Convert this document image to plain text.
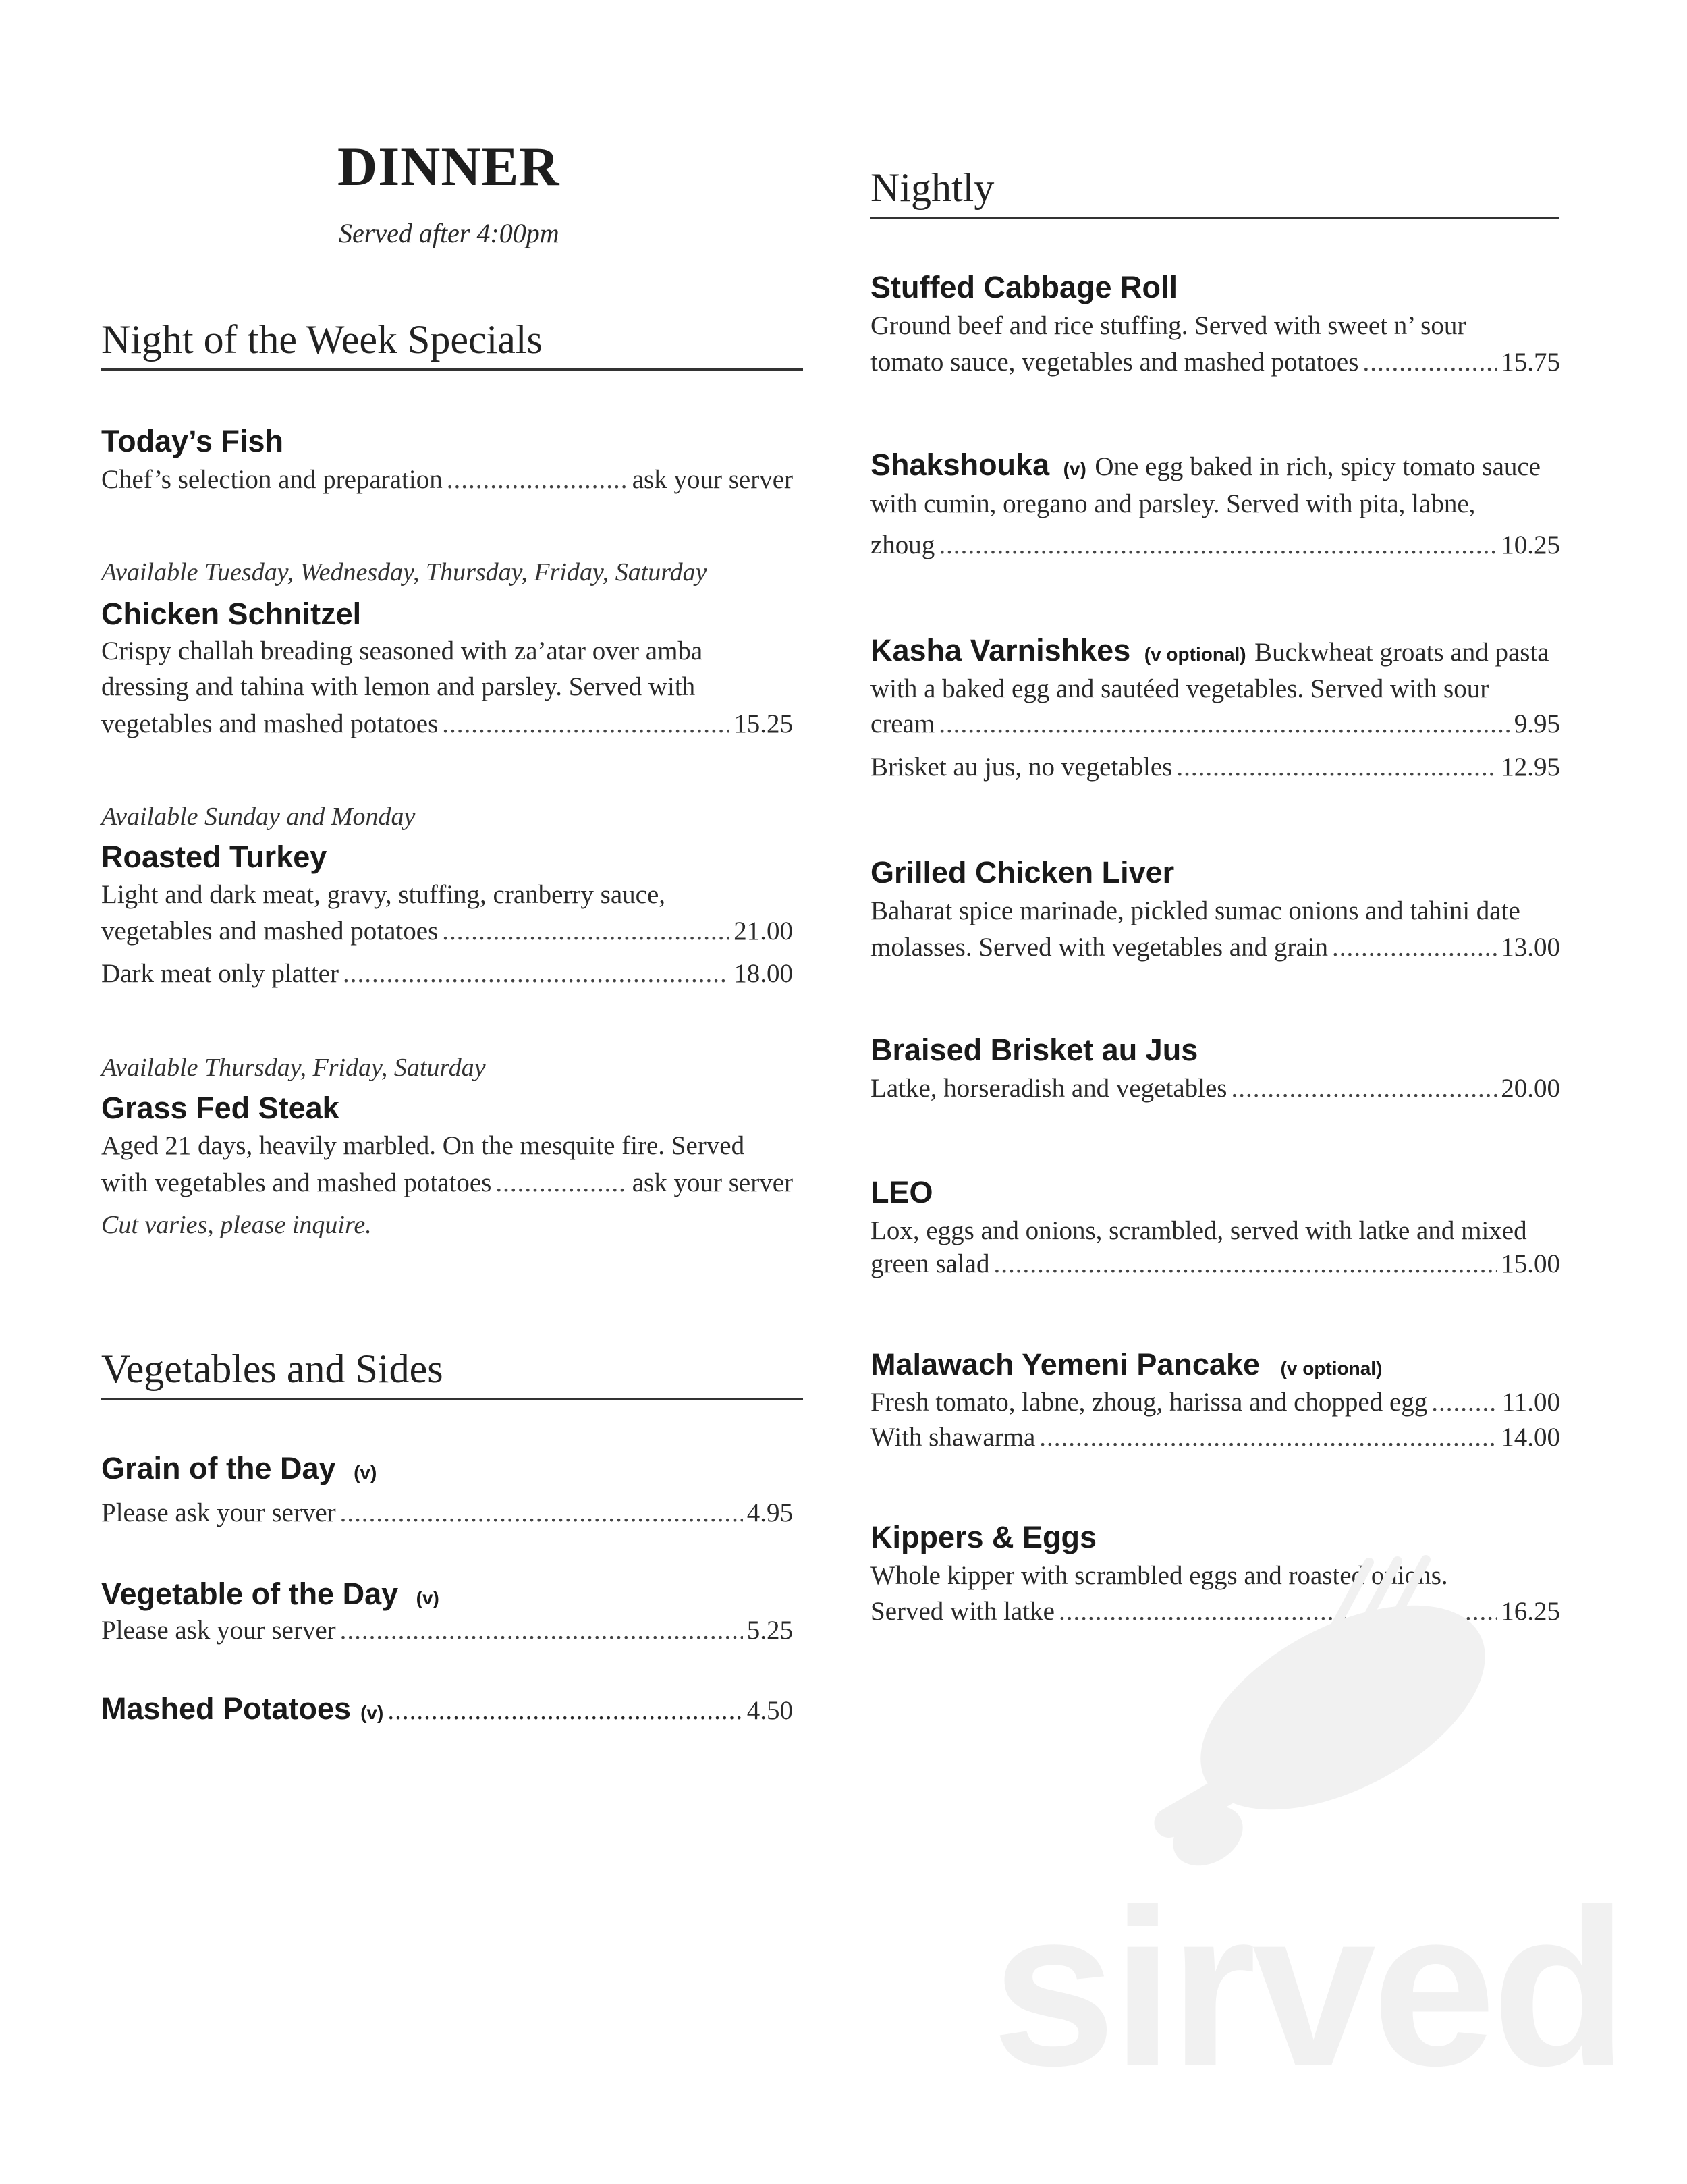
DINNER
Served after 4:00pm
Night of the Week Specials
Today’s Fish
Chef’s selection and preparation .....	ask your server
Available Tuesday, Wednesday, Thursday, Friday, Saturday
Chicken Schnitzel
Crispy challah breading seasoned with za’atar over amba
dressing and tahina with lemon and parsley. Served with
vegetables and mashed potatoes .....	15.25
Available Sunday and Monday
Roasted Turkey
Light and dark meat, gravy, stuffing, cranberry sauce,
vegetables and mashed potatoes .....	21.00
Dark meat only platter .....	18.00
Available Thursday, Friday, Saturday
Grass Fed Steak
Aged 21 days, heavily marbled. On the mesquite fire. Served
with vegetables and mashed potatoes .....	ask your server
Cut varies, please inquire.
Vegetables and Sides
Grain of the Day (v)
Please ask your server .....	4.95
Vegetable of the Day (v)
Please ask your server .....	5.25
Mashed Potatoes (v) .....	4.50
Nightly
Stuffed Cabbage Roll
Ground beef and rice stuffing. Served with sweet n’ sour
tomato sauce, vegetables and mashed potatoes .....	15.75
Shakshouka (v) One egg baked in rich, spicy tomato sauce
with cumin, oregano and parsley. Served with pita, labne,
zhoug .....	10.25
Kasha Varnishkes (v optional) Buckwheat groats and pasta
with a baked egg and sautéed vegetables. Served with sour
cream .....	9.95
Brisket au jus, no vegetables .....	12.95
Grilled Chicken Liver
Baharat spice marinade, pickled sumac onions and tahini date
molasses. Served with vegetables and grain .....	13.00
Braised Brisket au Jus
Latke, horseradish and vegetables .....	20.00
LEO
Lox, eggs and onions, scrambled, served with latke and mixed
green salad .....	15.00
Malawach Yemeni Pancake (v optional)
Fresh tomato, labne, zhoug, harissa and chopped egg .....	11.00
With shawarma .....	14.00
Kippers & Eggs
Whole kipper with scrambled eggs and roasted onions.
Served with latke .....	16.25
sirved
